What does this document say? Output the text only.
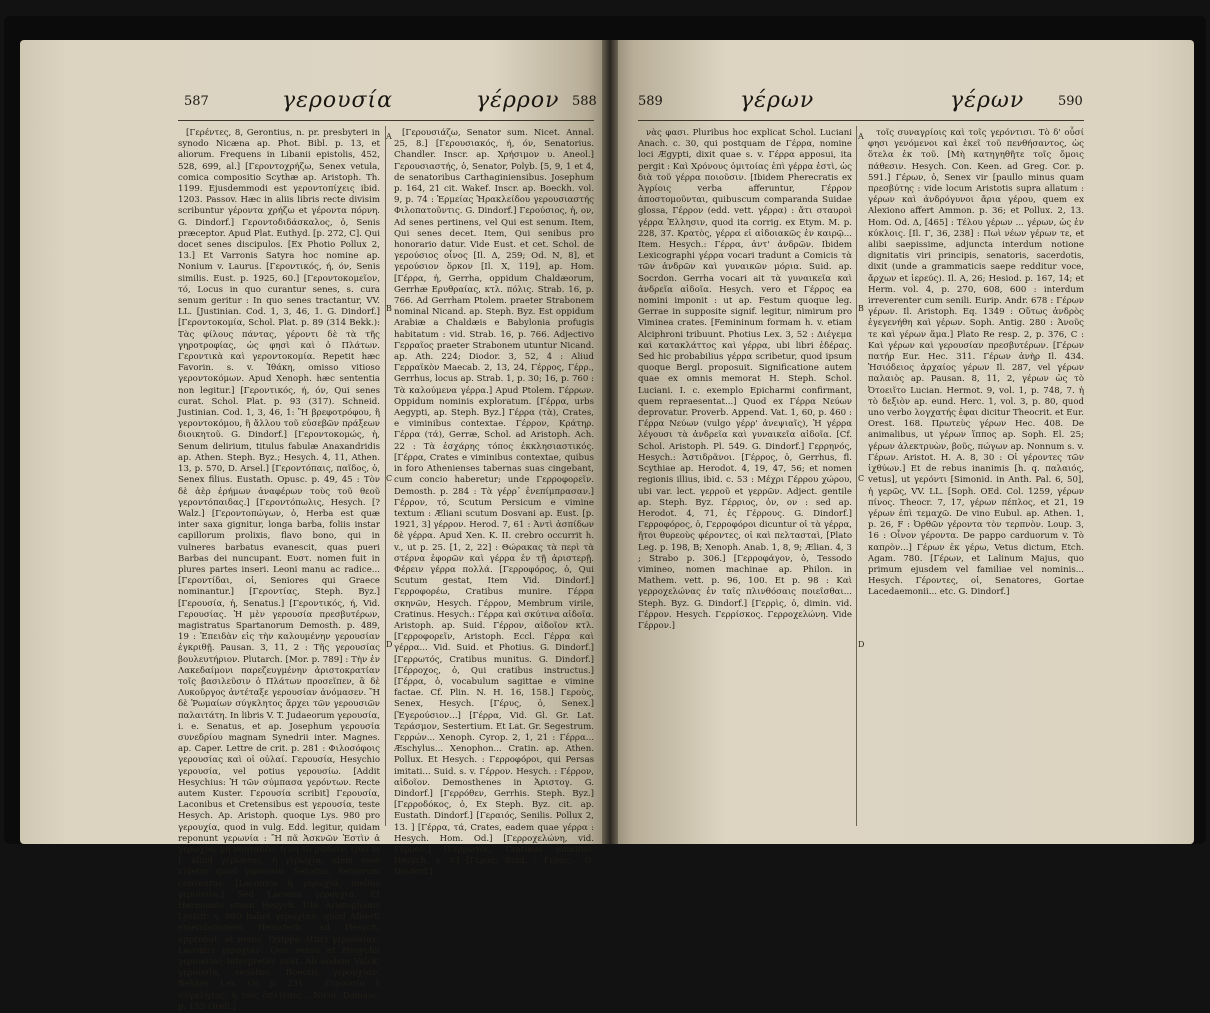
587	γερουσία	γέρρον 588

[Γερέντες, 8, Gerontius, n. pr. presbyteri in synodo Nicæna ap. Phot. Bibl. p. 13, et aliorum. Frequens in Libanii epistolis, 452, 528, 699, al.] [Γεροντοχρήζω, Senex vetula, comica compositio Scythæ ap. Aristoph. Th. 1199. Ejusdemmodi est γεροντοπίχεις ibid. 1203. Passov. Hæc in aliis libris recte divisim scribuntur γέροντα χρήζω et γέροντα πόρνη. G. Dindorf.] Γεροντοδιδάσκαλος, ὁ, Senis præceptor. Apud Plat. Euthyd. [p. 272, C]. Qui docet senes discipulos. [Ex Photio Pollux 2, 13.] Et Varronis Satyra hoc nomine ap. Nonium v. Laurus. [Γεροντικός, ή, όν, Senis similis. Eust. p. 1925, 60.] [Γεροντοκομεῖον, τό, Locus in quo curantur senes, s. cura senum geritur : In quo senes tractantur, VV. LL. [Justinian. Cod. 1, 3, 46, 1. G. Dindorf.] [Γεροντοκομία, Schol. Plat. p. 89 (314 Bekk.): Τὰς φίλους πάντας, γέροντι δὲ τὰ τῆς γηροτροφίας, ὡς φησὶ καὶ ὁ Πλάτων. Γεροντικὰ καὶ γεροντοκομία. Repetit hæc Favorin. s. v. Ἰθάκη, omisso vitioso γεροντοκόμων. Apud Xenoph. hæc sententia non legitur.] [Γεροντικός, ή, όν, Qui senes curat. Schol. Plat. p. 93 (317). Schneid. Justinian. Cod. 1, 3, 46, 1: Ἢ βρεφοτρόφου, ἢ γεροντοκόμου, ἢ ἄλλου τοῦ εὐσεβῶν πράξεων διοικητοῦ. G. Dindorf.] [Γεροντοκομώς, ἡ, Senum delirium, titulus fabulæ Anaxandridis ap. Athen. Steph. Byz.; Hesych. 4, 11, Athen. 13, p. 570, D. Arsel.] [Γεροντόπαις, παῖδος, ὁ, Senex filius. Eustath. Opusc. p. 49, 45 : Τὸν δὲ ἀὲρ ἐρήμων ἀναφέρων τοὺς τοῦ θεοῦ γεροντόπαιδας.] [Γεροντόπωλις, Hesych. [? Walz.] [Γεροντοπώγων, ὁ, Herba est quæ inter saxa gignitur, longa barba, foliis instar capillorum prolixis, flavo bono, qui in vulneres barbatus evanescit, quas pueri Barbas dei nuncupant. Ευστ. nomen fuit in plures partes inseri. Leoni manu ac radice... [Γεροντίδαι, οἱ, Seniores qui Graece nominantur.] [Γεροντίας, Steph. Byz.] [Γερουσία, ἡ, Senatus.] [Γεροντικός, ή, Vid. Γερουσίας. Ἡ μὲν γερουσία πρεσβυτέρων, magistratus Spartanorum Demosth. p. 489, 19 : Ἐπειδὰν εἰς τὴν καλουμένην γερουσίαν ἐγκριθῇ. Pausan. 3, 11, 2 : Τῆς γερουσίας βουλευτήριον. Plutarch. [Mor. p. 789] : Τὴν ἐν Λακεδαίμονι παρεζευγμένην ἀριστοκρατίαν τοῖς βασιλεῦσιν ὁ Πλάτων προσεῖπεν, ἃ δὲ Λυκοῦργος ἀντέταξε γερουσίαν ἀνόμασεν. Ἣ δὲ Ῥωμαίων σύγκλητος ἄρχει τῶν γερουσιῶν παλαιτάτη. In libris V. T. Judaeorum γερουσία, i. e. Senatus, et ap. Josephum γερουσία συνεδρίου magnam Synedrii inter. Magnes. ap. Caper. Lettre de crit. p. 281 : Φιλοσόφοις γερουσίας καὶ οἱ οὐλαί. Γερουσία, Hesychio γερουσία, vel potius γερουσίω. [Addit Hesychius: Ἡ τῶν σύμπασα γερόντων. Recte autem Kuster. Γερουσία scribit] Γερουσία, Laconibus et Cretensibus est γερουσία, teste Hesych. Ap. Aristoph. quoque Lys. 980 pro γερουχία, quod in vulg. Edd. legitur, quidam reponunt γερωνία : Ἢ πᾶ Ἀσκνῶν Ἐστὶν ἁ γερωχία; μὴ νοηταδέν; ἡ νὴ τὸ μῶδεῖν; Quo in l. aliud γερωνίας, ἡ γερωχία, idem esse videtur quod γερουσία, Senatus, Seniorum conventus. [Laconice ἡ γερωχία, melius γερουσία.] Sed Laconia γερουχία. Et Hermionis etiam Hesych. Ubi Aristophanis Lysistr. v. 980 habet γερωχίαν, quod Alberti emendationem Hemsterh. ad Hesych. approbat: at nemo. Quippe Attici γερουσίαν, Laconici γεροχίαν. Quo sensu et Hesychii γερουσίας interpretes sunt. Ab eodem Valck. γερουσία, senatus; Boeotis γερουχίαν. Bekker. Lex. Gr. p. 231 : Γερουσία ἡ σύγκλητος, ἡ τοῖς ὁπλίταις... Nicol. Damasc. p. 155 Orell.]

A
B
C
D

[Γερουσιάζω, Senator sum. Nicet. Annal. 25, 8.] [Γερουσιακός, ή, όν, Senatorius. Chandler. Inscr. ap. Χρήσιμον υ. Aneol.] Γερουσιαστής, ὁ, Senator, Polyb. [5, 9, 1 et 4, de senatoribus Carthaginiensibus. Josephum p. 164, 21 cit. Wakef. Inscr. ap. Boeckh. vol. 9, p. 74 : Ἑρμείας Ἡρακλείδου γερουσιαστής Φιλοπατοῦντις. G. Dindorf.] Γερούσιος, ἡ, ον, Ad senes pertinens, vel Qui est senum. Item, Qui senes decet. Item, Qui senibus pro honorario datur. Vide Eust. et cet. Schol. de γερούσιος οἶνος [Il. Δ, 259; Od. Ν, 8], et γερούσιον ὅρκον [Il. Χ, 119], ap. Hom. [Γέρρα, ἡ, Gerrha, oppidum Chaldæorum, Gerrhæ Ερυθραίας, κτλ. πόλις. Strab. 16, p. 766. Ad Gerrham Ptolem. praeter Strabonem nominal Nicand. ap. Steph. Byz. Est oppidum Arabiæ a Chaldæis e Babylonia profugis habitatum : vid. Strab. 16, p. 766. Adjectivo Γερραῖος praeter Strabonem utuntur Nicand. ap. Ath. 224; Diodor. 3, 52, 4 : Aliud Γερραϊκὸν Maecab. 2, 13, 24, Γέρρος, Γέρρ., Gerrhus, locus ap. Strab. 1, p. 30; 16, p. 760 : Τὰ καλούμενα γέρρα.] Apud Ptolem. Γέρρων. Oppidum nominis exploratum. [Γέρρα, urbs Aegypti, ap. Steph. Byz.] Γέρρα (τὰ), Crates, e viminibus contextae. Γέρρον, Κράτηρ. Γέρρα (τά), Gerræ, Schol. ad Aristoph. Ach. 22 : Τὰ ἐσχάρης τόπος ἐκκλησιαστικός. [Γέρρα, Crates e viminibus contextae, quibus in foro Athenienses tabernas suas cingebant, cum concio haberetur; unde Γερροφορεῖν. Demosth. p. 284 : Τὰ γέρρ᾽ ἐνεπίμπρασαν.] Γέρρον, τό, Scutum Persicum e vimine textum : Æliani scutum Dosvani ap. Eust. [p. 1921, 3] γέρρον. Herod. 7, 61 : Ἀντὶ ἀσπίδων δὲ γέρρα. Apud Xen. K. II. crebro occurrit h. v., ut p. 25. [1, 2, 22] : Θώρακας τὰ περὶ τὰ στέρνα ἐφορῶν καὶ γέρρα ἐν τῇ ἀριστερῇ. Φέρειν γέρρα πολλά. [Γερροφόρος, ὁ, Qui Scutum gestat, Item Vid. Dindorf.] Γερροφορέω, Cratibus munire. Γέρρα σκηνῶν, Hesych. Γέρρον, Membrum virile, Cratinus. Hesych.: Γέρρα καὶ σκύτινα αἰδοῖα. Aristoph. ap. Suid. Γέρρον, αἰδοῖον κτλ. [Γερροφορεῖν, Aristoph. Eccl. Γέρρα καὶ γέρρα... Vid. Suid. et Photius. G. Dindorf.] [Γερρωτός, Cratibus munitus. G. Dindorf.] [Γέρροχος, ὁ, Qui cratibus instructus.] [Γέρρα, ὁ, vocabulum sagittae e vimine factae. Cf. Plin. N. H. 16, 158.] Γεροὺς, Senex, Hesych. [Γέρυς, ὁ, Senex.] [Ἐγερούσιον...] [Γέρρα, Vid. Gl. Gr. Lat. Τεράσμον, Sestertium. Et Lat. Gr. Segestrum. Γερρών... Xenoph. Cyrop. 2, 1, 21 : Γέρρα... Æschylus... Xenophon... Cratin. ap. Athen. Pollux. Et Hesych. : Γερροφόροι, qui Persas imitati... Suid. s. v. Γέρρον. Hesych. : Γέρρον, αἰδοῖον. Demosthenes in Ἀριστογ. G. Dindorf.] [Γερρόθεν, Gerrhis. Steph. Byz.] [Γερροδόκος, ὁ, Ex Steph. Byz. cit. ap. Eustath. Dindorf.] [Γεραιός, Senilis. Pollux 2, 13. ] [Γέρρα, τά, Crates, eadem quae γέρρα : Hesych. Hom. Od.] [Γερροχελώνη, vid. Γέρρον.] [Γερρωτός, Cratibus munitus. Hesych. s. v.] [Γέρας, Suid. : Γερᾶς... G. Dindorf.]

589	γέρων	γέρων	590

νὰς φασι. Pluribus hoc explicat Schol. Luciani Anach. c. 30, qui postquam de Γέρρα, nomine loci Ægypti, dixit quae s. v. Γέρρα apposui, ita pergit : Καὶ Χρόνους ὁμιτοίας ἐπὶ γέρρα ἐστὶ, ὡς διὰ τοῦ γέρρα ποιοῦσιν. [Ibidem Pherecratis ex Ἀγρίοις verba afferuntur, Γέρρον ἀποστομοῦνται, quibuscum comparanda Suidae glossa, Γέρρον (edd. vett. γέρρα) : ἄτι σταυροὶ γέρρα Ἐλλησιν, quod ita corrig. ex Etym. M. p. 228, 37. Κρατὸς, γέρρα εἰ αἰδοιακῶς ἐν καιρῷ... Item. Hesych.: Γέρρα, ἀντ' ἀνδρῶν. Ibidem Lexicographi γέρρα vocari tradunt a Comicis τὰ τῶν ἀνδρῶν καὶ γυναικῶν μόρια. Suid. ap. Socrdon. Gerrha vocari ait τὰ γυναικεῖα καὶ ἀνδρεῖα αἰδοῖα. Hesych. vero et Γέρρος ea nomini imponit : ut ap. Festum quoque leg. Gerrae in supposite signif. legitur, nimirum pro Viminea crates. [Femininum formam h. v. etiam Alciphroni tribuunt. Photius Lex. 3, 52 : Διέγεμα καὶ κατακλάττος καὶ γέρρα, ubi libri ἐδέρας. Sed hic probabilius γέρρα scribetur, quod ipsum quoque Bergl. proposuit. Significatione autem quae ex omnis memorat H. Steph. Schol. Luciani. I. c. exemplo Epicharmi confirmant, quem repraesentat...] Quod ex Γέρρα Nεύων deprovatur. Proverb. Append. Vat. 1, 60, p. 460 : Γέρρα Νεύων (vulgo γέρρ' ἀνεψιαῖς), Ἡ γέρρα λέγουσι τὰ ἀνδρεῖα καὶ γυναικεῖα αἰδοῖα. [Cf. Schol. Aristoph. Pl. 549. G. Dindorf.] Γερρηνός, Hesych.: Ἀστιδρᾶνοι. [Γέρρος, ὁ, Gerrhus, fl. Scythiae ap. Herodot. 4, 19, 47, 56; et nomen regionis illius, ibid. c. 53 : Μέχρι Γέρρου χώρου, ubi var. lect. γερροῦ et γερρῶν. Adject. gentile ap. Steph. Byz. Γέρριος, ὁν, ον : sed ap. Herodot. 4, 71, ἐς Γέρρους. G. Dindorf.] Γερροφόρος, ὁ, Γερροφόροι dicuntur οἱ τὰ γέρρα, ἤτοι θυρεοὺς φέροντες, οἱ καὶ πελτασταὶ, [Plato Leg. p. 198, B; Xenoph. Anab. 1, 8, 9; Ælian. 4, 3 ; Strabo p. 306.] [Γερροφάγον, ὁ, Tessodo vimineo, nomen machinae ap. Philon. in Mathem. vett. p. 96, 100. Et p. 98 : Καὶ γερροχελώνας ἐν ταῖς πλινθόσαις ποιεῖσθαι... Steph. Byz. G. Dindorf.] [Γερρὶς, ὁ, dimin. vid. Γέρρον. Hesych. Γερρίσκος. Γερροχελώνη. Vide Γέρρον.]

A
B
C
D

τοῖς συναγρίοις καὶ τοῖς γερόντισι. Τὸ δ' οὖσί φησι γενόμενοι καὶ ἐκεῖ τοῦ πενθήσαντος, ὡς ὅτελα ἐκ τοῦ. [Μὴ κατηγηθῆτε τοῖς ὄμοις πάθεσιν. Hesych. Con. Keen. ad Greg. Cor. p. 591.] Γέρων, ὁ, Senex vir [paullo minus quam πρεσβύτης : vide locum Aristotis supra allatum : γέρων καὶ ἀνδρόγυνοι ἄρια γέρου, quem ex Alexiono affert Ammon. p. 36; et Pollux. 2, 13. Hom. Od. Δ, [465] : Τέλου γέρων ... γέρων, ὡς ἐν κύκλοις. [Il. Γ, 36, 238] : Πωὶ νέων γέρων τε, et alibi saepissime, adjuncta interdum notione dignitatis viri principis, senatoris, sacerdotis, dixit (unde a grammaticis saepe redditur voce, ἄρχων et ἱερεύς). Il. Α, 26; Hesiod. p. 167, 14; et Herm. vol. 4, p. 270, 608, 600 : interdum irreverenter cum senili. Eurip. Andr. 678 : Γέρων γέρων. Il. Aristoph. Eq. 1349 : Οὕτως ἀνδρὸς ἐγεγενήθη καὶ γέρων. Soph. Antig. 280 : Ἀνοῦς τε καὶ γέρων ἅμα.] Plato Re resp. 2, p. 376, C : Καὶ γέρων καὶ γερουσίαν πρεσβυτέρων. [Γέρων πατήρ Eur. Hec. 311. Γέρων ἀνὴρ Il. 434. Ἡσιόδειος ἀρχαίος γέρων Il. 287, vel γέρων παλαιὸς ap. Pausan. 8, 11, 2, γέρων ὡς τὸ Ὀτοειῖτο Lucian. Hermot. 9, vol. 1, p. 748, 7. ἡ τὸ δεξιὸν ap. eund. Herc. 1, vol. 3, p. 80, quod uno verbo λογχατής ἐφαι dicitur Theocrit. et Eur. Orest. 168. Πρωτεὺς γέρων Hec. 408. De animalibus, ut γέρων ἵππος ap. Soph. El. 25; γέρων ἀλεκτρυὼν, βοῦς, πώγων ap. Nonnum s. v. Γέρων. Aristot. H. A. 8, 30 : Οἱ γέροντες τῶν ἰχθύων.] Et de rebus inanimis [h. q. παλαιός, vetus], ut γερόντι [Simonid. in Anth. Pal. 6, 50], ἡ γερῶς, VV. LL. [Soph. OEd. Col. 1259, γέρων πίνος. Theocr. 7, 17, γέρων πέπλος, et 21, 19 γέρων ἐπὶ τεμαχῶ. De vino Eubul. ap. Athen. 1, p. 26, F : Ὀρθῶν γέροντα τὸν τερπνὸν. Loup. 3, 16 : Οἶνον γέροντα. De pappo carduorum v. Τὸ καπρὸν...] Γέρων ἐκ γέρω, Vetus dictum, Etch. Agam. 780. [Γέρων, et Lalinum Majus, quo primum ejusdem vel familiae vel nominis... Hesych. Γέροντες, οἱ, Senatores, Gortae Lacedaemonii... etc. G. Dindorf.]
